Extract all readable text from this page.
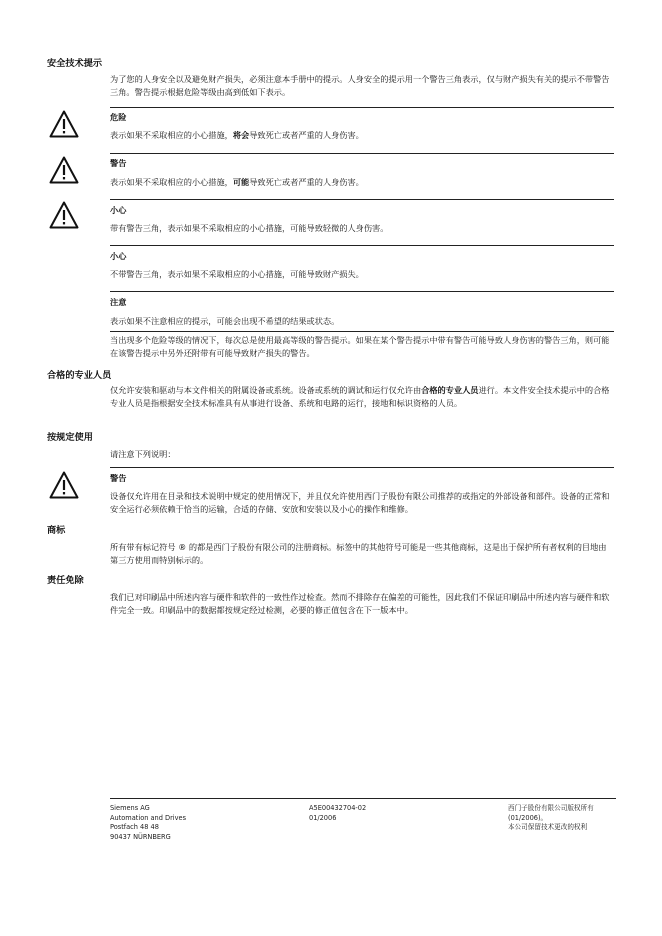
安全技术提示
为了您的人身安全以及避免财产损失，必须注意本手册中的提示。人身安全的提示用一个警告三角表示，仅与财产损失有关的提示不带警告三角。警告提示根据危险等级由高到低如下表示。
危险
表示如果不采取相应的小心措施，将会导致死亡或者严重的人身伤害。
警告
表示如果不采取相应的小心措施，可能导致死亡或者严重的人身伤害。
小心
带有警告三角，表示如果不采取相应的小心措施，可能导致轻微的人身伤害。
小心
不带警告三角，表示如果不采取相应的小心措施，可能导致财产损失。
注意
表示如果不注意相应的提示，可能会出现不希望的结果或状态。
当出现多个危险等级的情况下，每次总是使用最高等级的警告提示。如果在某个警告提示中带有警告可能导致人身伤害的警告三角，则可能在该警告提示中另外还附带有可能导致财产损失的警告。
合格的专业人员
仅允许安装和驱动与本文件相关的附属设备或系统。设备或系统的调试和运行仅允许由合格的专业人员进行。本文件安全技术提示中的合格专业人员是指根据安全技术标准具有从事进行设备、系统和电路的运行，接地和标识资格的人员。
按规定使用
请注意下列说明：
警告
设备仅允许用在目录和技术说明中规定的使用情况下，并且仅允许使用西门子股份有限公司推荐的或指定的外部设备和部件。设备的正常和安全运行必须依赖于恰当的运输，合适的存储、安放和安装以及小心的操作和维修。
商标
所有带有标记符号 ® 的都是西门子股份有限公司的注册商标。标签中的其他符号可能是一些其他商标，这是出于保护所有者权利的目地由第三方使用而特别标示的。
责任免除
我们已对印刷品中所述内容与硬件和软件的一致性作过检查。然而不排除存在偏差的可能性，因此我们不保证印刷品中所述内容与硬件和软件完全一致。印刷品中的数据都按规定经过检测，必要的修正值包含在下一版本中。
Siemens AG
Automation and Drives
Postfach 48 48
90437 NÜRNBERG
A5E00432704-02
01/2006
西门子股份有限公司版权所有
(01/2006)。
本公司保留技术更改的权利
